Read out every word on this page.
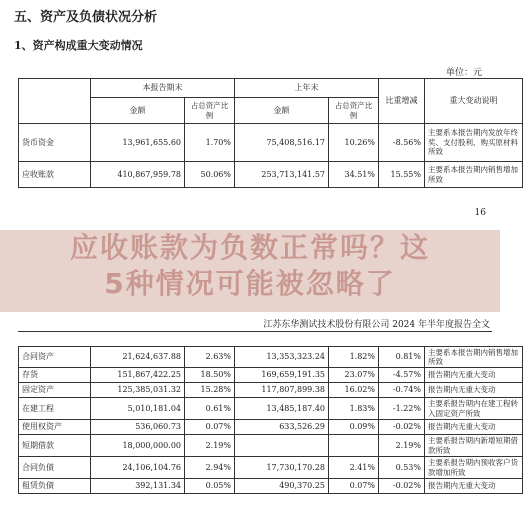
五、资产及负债状况分析
1、资产构成重大变动情况
单位：元
	本报告期末		上年末		比重增减	重大变动说明
	金额	占总资产比例	金额	占总资产比例		
货币资金	13,961,655.60	1.70%	75,408,516.17	10.26%	-8.56%	主要系本报告期内发放年终奖、支付股利、购买原材料所致
应收账款	410,867,959.78	50.06%	253,713,141.57	34.51%	15.55%	主要系本报告期内销售增加所致
16
应收账款为负数正常吗？这
5种情况可能被忽略了
江苏东华测试技术股份有限公司 2024 年半年度报告全文
合同资产	21,624,637.88	2.63%	13,353,323.24	1.82%	0.81%	主要系本报告期内销售增加所致
存货	151,867,422.25	18.50%	169,659,191.35	23.07%	-4.57%	报告期内无重大变动
固定资产	125,385,031.32	15.28%	117,807,899.38	16.02%	-0.74%	报告期内无重大变动
在建工程	5,010,181.04	0.61%	13,485,187.40	1.83%	-1.22%	主要系报告期内在建工程转入固定资产所致
使用权资产	536,060.73	0.07%	633,526.29	0.09%	-0.02%	报告期内无重大变动
短期借款	18,000,000.00	2.19%			2.19%	主要系报告期内新增短期借款所致
合同负债	24,106,104.76	2.94%	17,730,170.28	2.41%	0.53%	主要系报告期内预收客户货款增加所致
租赁负债	392,131.34	0.05%	490,370.25	0.07%	-0.02%	报告期内无重大变动
